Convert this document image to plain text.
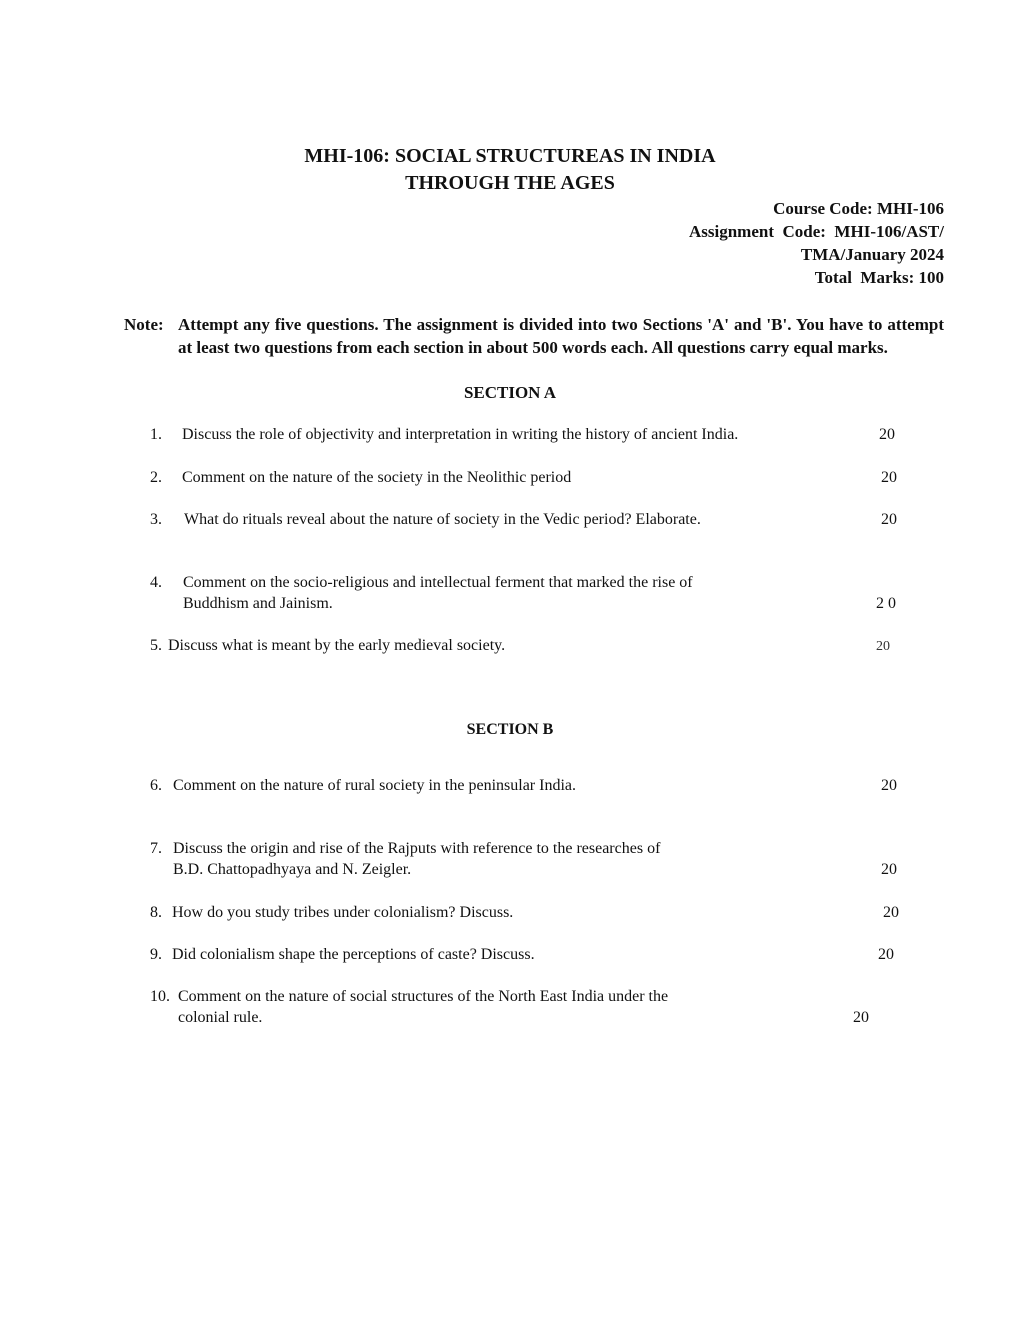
MHI-106: SOCIAL STRUCTUREAS IN INDIA
THROUGH THE AGES
Course Code: MHI-106
Assignment  Code:  MHI-106/AST/
TMA/January 2024
Total  Marks: 100
Note: Attempt any five questions. The assignment is divided into two Sections 'A' and 'B'. You have to attempt at least two questions from each section in about 500 words each. All questions carry equal marks.
SECTION A
1. Discuss the role of objectivity and interpretation in writing the history of ancient India.	20
2. Comment on the nature of the society in the Neolithic period	20
3. What do rituals reveal about the nature of society in the Vedic period? Elaborate.	20
4. Comment on the socio-religious and intellectual ferment that marked the rise of
Buddhism and Jainism.	2 0
5. Discuss what is meant by the early medieval society.	20
SECTION B
6. Comment on the nature of rural society in the peninsular India.	20
7. Discuss the origin and rise of the Rajputs with reference to the researches of
B.D. Chattopadhyaya and N. Zeigler.	20
8. How do you study tribes under colonialism? Discuss.	20
9. Did colonialism shape the perceptions of caste? Discuss.	20
10. Comment on the nature of social structures of the North East India under the
colonial rule.	20
